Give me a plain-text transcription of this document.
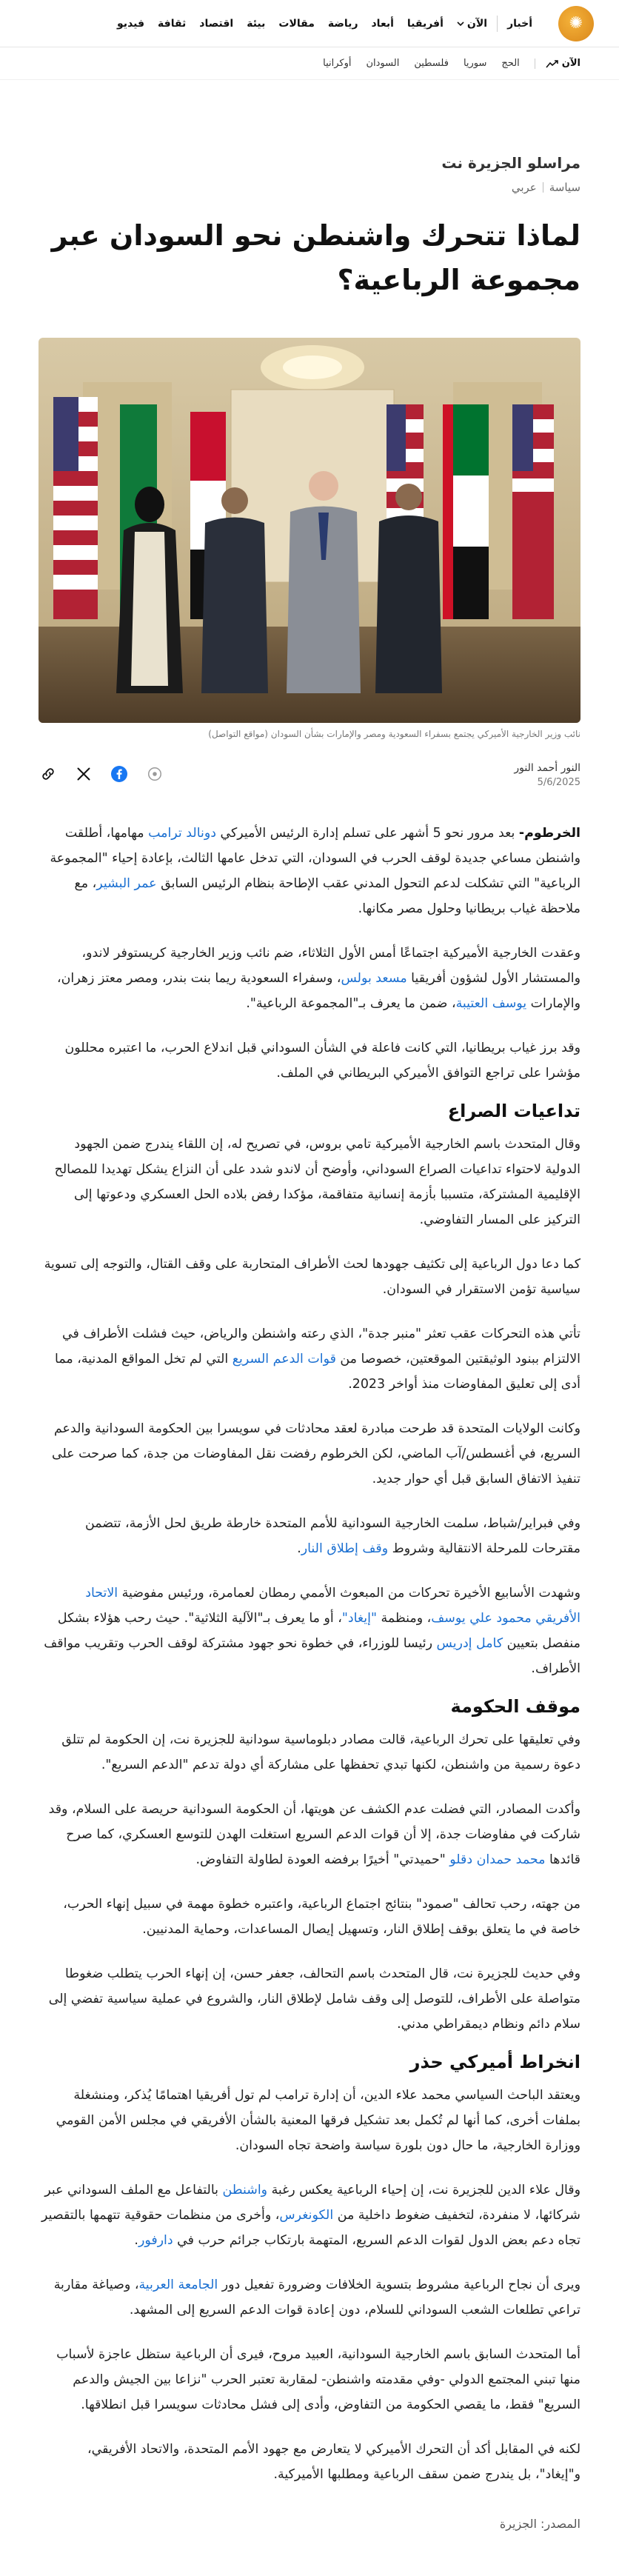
✺
أخبار
الآن
أفريقيا
أبعاد
رياضة
مقالات
بيئة
اقتصاد
ثقافة
فيديو
الآن
الحج
سوريا
فلسطين
السودان
أوكرانيا
مراسلو الجزيرة نت
سياسة
عربي
لماذا تتحرك واشنطن نحو السودان عبر مجموعة الرباعية؟
نائب وزير الخارجية الأميركي يجتمع بسفراء السعودية ومصر والإمارات بشأن السودان (مواقع التواصل)
النور أحمد النور
5/6/2025

الخرطوم- بعد مرور نحو 5 أشهر على تسلم إدارة الرئيس الأميركي دونالد ترامب مهامها، أطلقت واشنطن مساعي جديدة لوقف الحرب في السودان، التي تدخل عامها الثالث، بإعادة إحياء "المجموعة الرباعية" التي تشكلت لدعم التحول المدني عقب الإطاحة بنظام الرئيس السابق عمر البشير، مع ملاحظة غياب بريطانيا وحلول مصر مكانها.

وعقدت الخارجية الأميركية اجتماعًا أمس الأول الثلاثاء، ضم نائب وزير الخارجية كريستوفر لاندو، والمستشار الأول لشؤون أفريقيا مسعد بولس، وسفراء السعودية ريما بنت بندر، ومصر معتز زهران، والإمارات يوسف العتيبة، ضمن ما يعرف بـ"المجموعة الرباعية".

وقد برز غياب بريطانيا، التي كانت فاعلة في الشأن السوداني قبل اندلاع الحرب، ما اعتبره محللون مؤشرا على تراجع التوافق الأميركي البريطاني في الملف.

تداعيات الصراع

وقال المتحدث باسم الخارجية الأميركية تامي بروس، في تصريح له، إن اللقاء يندرج ضمن الجهود الدولية لاحتواء تداعيات الصراع السوداني، وأوضح أن لاندو شدد على أن النزاع يشكل تهديدا للمصالح الإقليمية المشتركة، متسببا بأزمة إنسانية متفاقمة، مؤكدا رفض بلاده الحل العسكري ودعوتها إلى التركيز على المسار التفاوضي.

كما دعا دول الرباعية إلى تكثيف جهودها لحث الأطراف المتحاربة على وقف القتال، والتوجه إلى تسوية سياسية تؤمن الاستقرار في السودان.

تأتي هذه التحركات عقب تعثر "منبر جدة"، الذي رعته واشنطن والرياض، حيث فشلت الأطراف في الالتزام ببنود الوثيقتين الموقعتين، خصوصا من قوات الدعم السريع التي لم تخل المواقع المدنية، مما أدى إلى تعليق المفاوضات منذ أواخر 2023.

وكانت الولايات المتحدة قد طرحت مبادرة لعقد محادثات في سويسرا بين الحكومة السودانية والدعم السريع، في أغسطس/آب الماضي، لكن الخرطوم رفضت نقل المفاوضات من جدة، كما صرحت على تنفيذ الاتفاق السابق قبل أي حوار جديد.

وفي فبراير/شباط، سلمت الخارجية السودانية للأمم المتحدة خارطة طريق لحل الأزمة، تتضمن مقترحات للمرحلة الانتقالية وشروط وقف إطلاق النار.

وشهدت الأسابيع الأخيرة تحركات من المبعوث الأممي رمطان لعمامرة، ورئيس مفوضية الاتحاد الأفريقي محمود علي يوسف، ومنظمة "إيغاد"، أو ما يعرف بـ"الآلية الثلاثية". حيث رحب هؤلاء بشكل منفصل بتعيين كامل إدريس رئيسا للوزراء، في خطوة نحو جهود مشتركة لوقف الحرب وتقريب مواقف الأطراف.

موقف الحكومة

وفي تعليقها على تحرك الرباعية، قالت مصادر دبلوماسية سودانية للجزيرة نت، إن الحكومة لم تتلق دعوة رسمية من واشنطن، لكنها تبدي تحفظها على مشاركة أي دولة تدعم "الدعم السريع".

وأكدت المصادر، التي فضلت عدم الكشف عن هويتها، أن الحكومة السودانية حريصة على السلام، وقد شاركت في مفاوضات جدة، إلا أن قوات الدعم السريع استغلت الهدن للتوسع العسكري، كما صرح قائدها محمد حمدان دقلو "حميدتي" أخيرًا برفضه العودة لطاولة التفاوض.

من جهته، رحب تحالف "صمود" بنتائج اجتماع الرباعية، واعتبره خطوة مهمة في سبيل إنهاء الحرب، خاصة في ما يتعلق بوقف إطلاق النار، وتسهيل إيصال المساعدات، وحماية المدنيين.

وفي حديث للجزيرة نت، قال المتحدث باسم التحالف، جعفر حسن، إن إنهاء الحرب يتطلب ضغوطا متواصلة على الأطراف، للتوصل إلى وقف شامل لإطلاق النار، والشروع في عملية سياسية تفضي إلى سلام دائم ونظام ديمقراطي مدني.

انخراط أميركي حذر

ويعتقد الباحث السياسي محمد علاء الدين، أن إدارة ترامب لم تول أفريقيا اهتمامًا يُذكر، ومنشغلة بملفات أخرى، كما أنها لم تُكمل بعد تشكيل فرقها المعنية بالشأن الأفريقي في مجلس الأمن القومي ووزارة الخارجية، ما حال دون بلورة سياسة واضحة تجاه السودان.

وقال علاء الدين للجزيرة نت، إن إحياء الرباعية يعكس رغبة واشنطن بالتفاعل مع الملف السوداني عبر شركائها، لا منفردة، لتخفيف ضغوط داخلية من الكونغرس، وأخرى من منظمات حقوقية تتهمها بالتقصير تجاه دعم بعض الدول لقوات الدعم السريع، المتهمة بارتكاب جرائم حرب في دارفور.

ويرى أن نجاح الرباعية مشروط بتسوية الخلافات وضرورة تفعيل دور الجامعة العربية، وصياغة مقاربة تراعي تطلعات الشعب السوداني للسلام، دون إعادة قوات الدعم السريع إلى المشهد.

أما المتحدث السابق باسم الخارجية السودانية، العبيد مروح، فيرى أن الرباعية ستظل عاجزة لأسباب منها تبني المجتمع الدولي -وفي مقدمته واشنطن- لمقاربة تعتبر الحرب "نزاعا بين الجيش والدعم السريع" فقط، ما يقصي الحكومة من التفاوض، وأدى إلى فشل محادثات سويسرا قبل انطلاقها.

لكنه في المقابل أكد أن التحرك الأميركي لا يتعارض مع جهود الأمم المتحدة، والاتحاد الأفريقي، و"إيغاد"، بل يندرج ضمن سقف الرباعية ومطلبها الأميركية.

المصدر: الجزيرة
